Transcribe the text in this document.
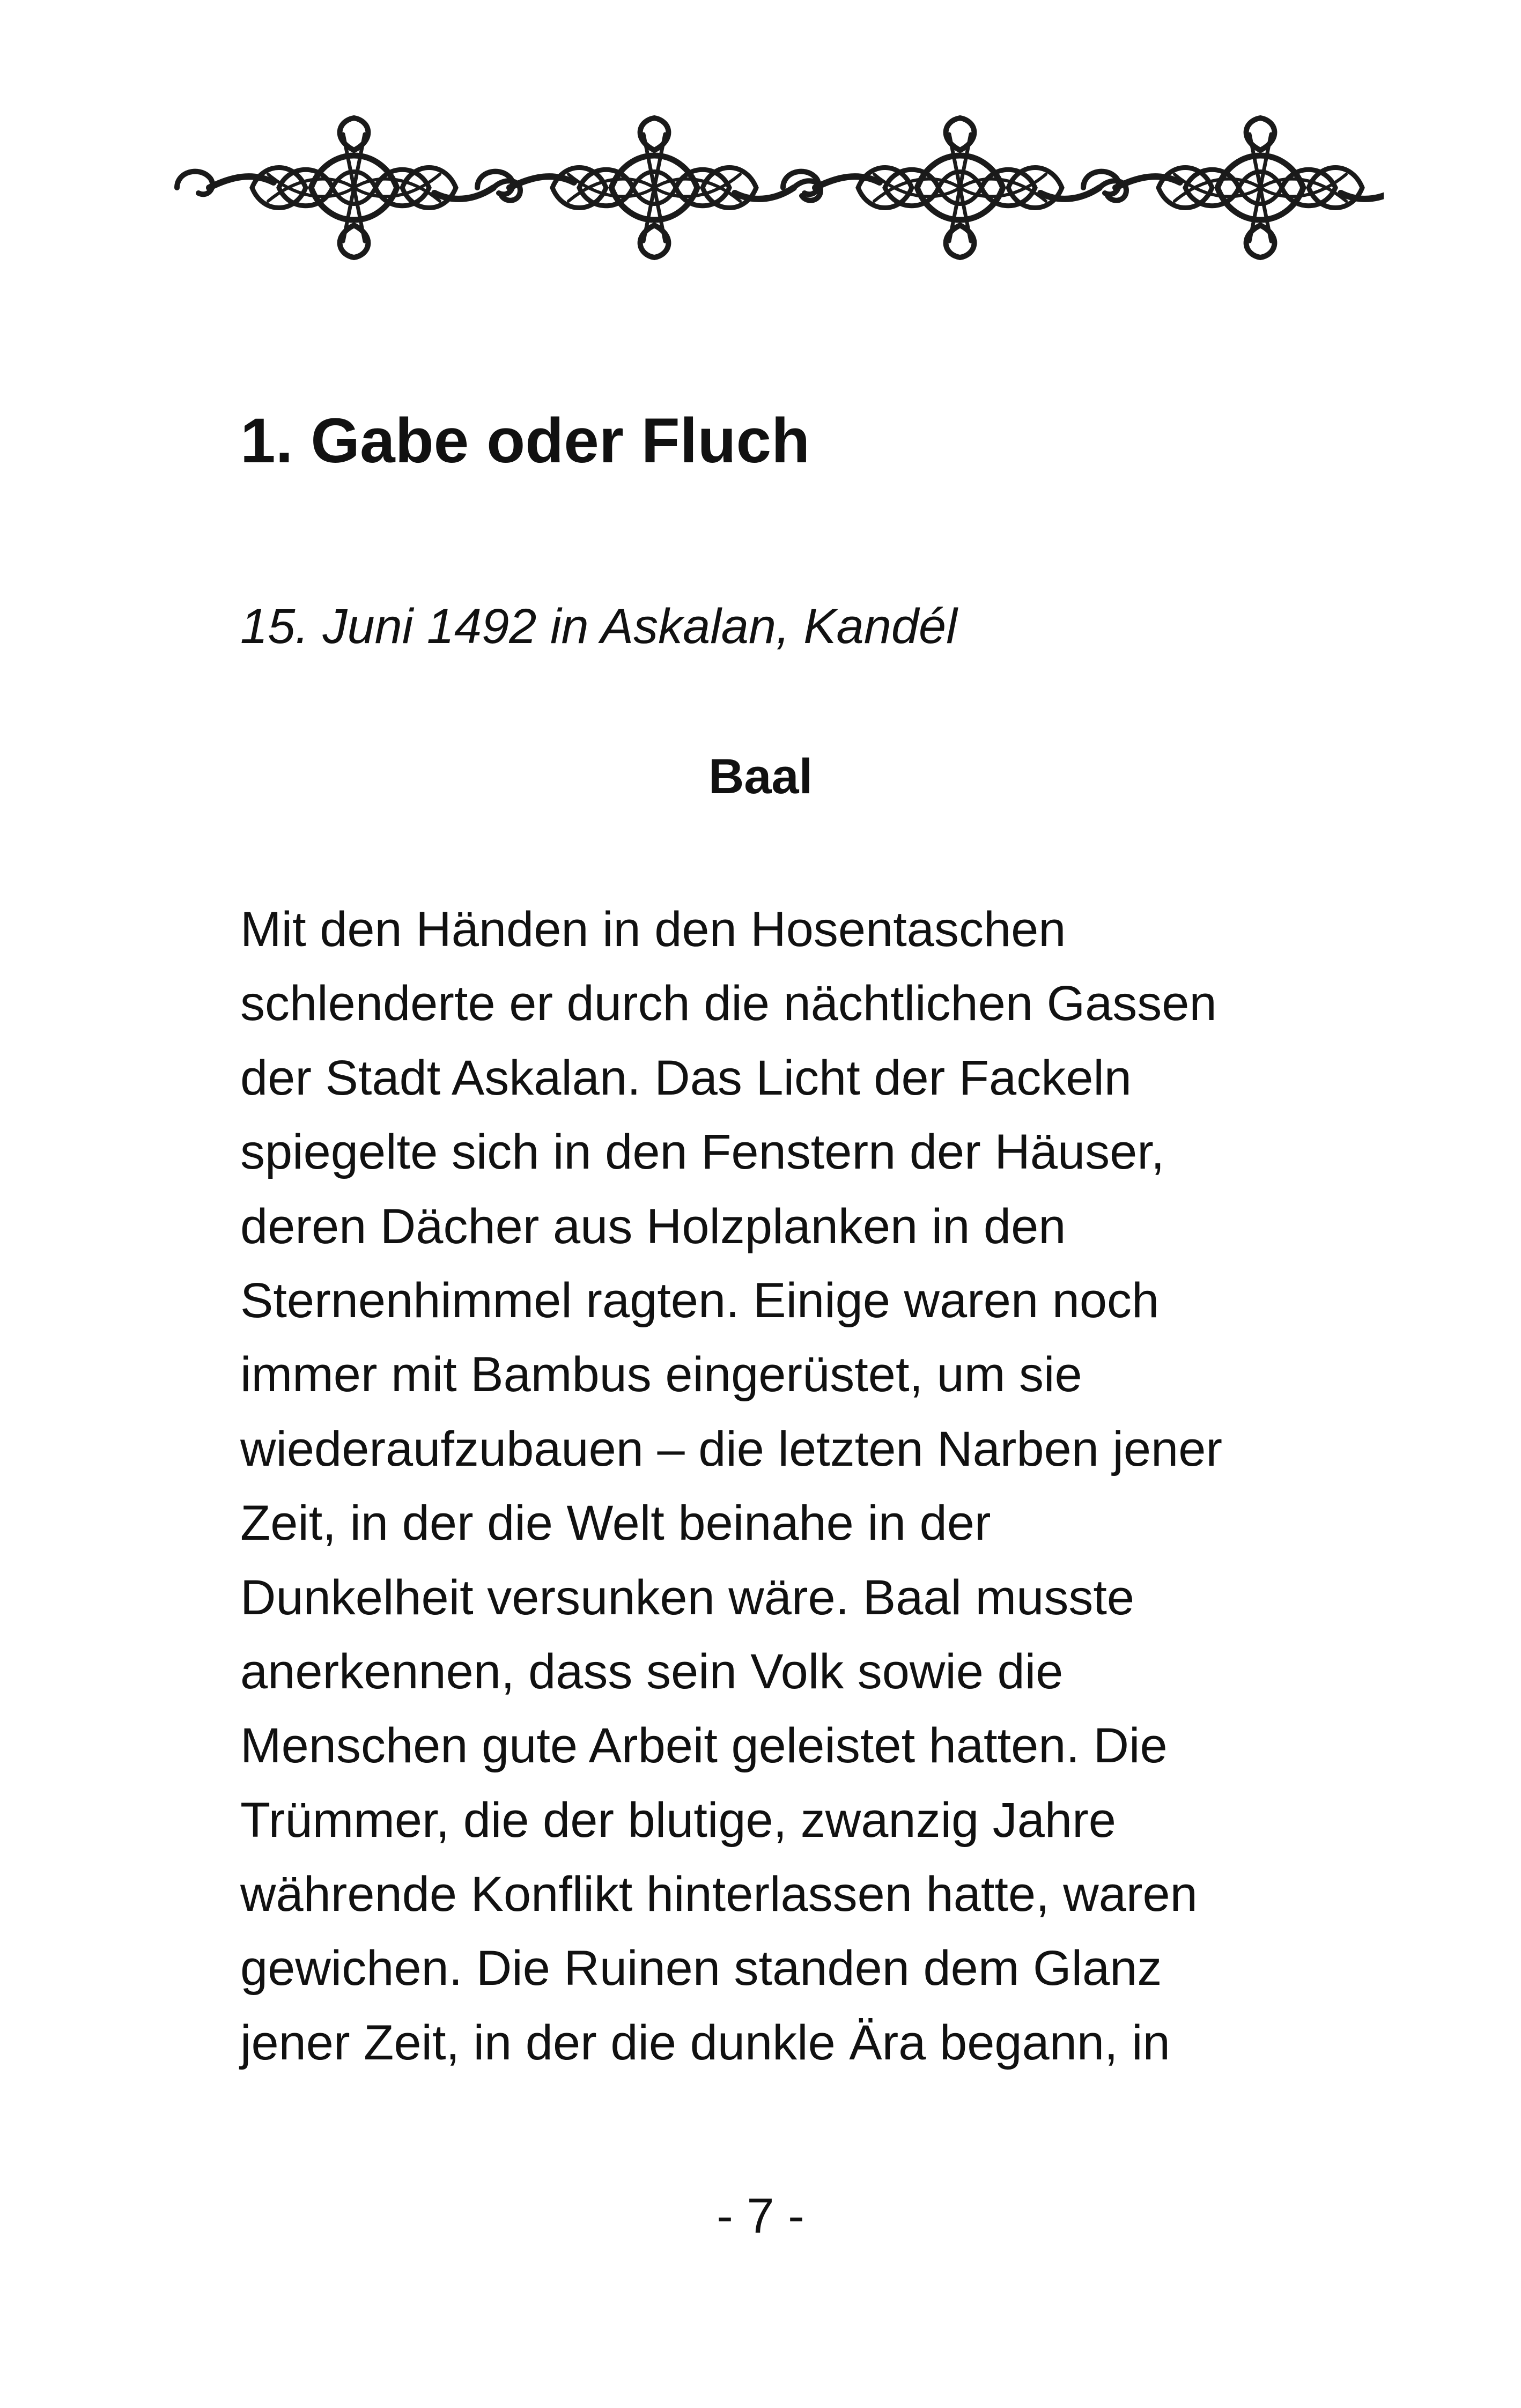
1. Gabe oder Fluch
15. Juni 1492 in Askalan, Kandél
Baal
Mit den Händen in den Hosentaschen
schlenderte er durch die nächtlichen Gassen
der Stadt Askalan. Das Licht der Fackeln
spiegelte sich in den Fenstern der Häuser,
deren Dächer aus Holzplanken in den
Sternenhimmel ragten. Einige waren noch
immer mit Bambus eingerüstet, um sie
wiederaufzubauen – die letzten Narben jener
Zeit, in der die Welt beinahe in der
Dunkelheit versunken wäre. Baal musste
anerkennen, dass sein Volk sowie die
Menschen gute Arbeit geleistet hatten. Die
Trümmer, die der blutige, zwanzig Jahre
währende Konflikt hinterlassen hatte, waren
gewichen. Die Ruinen standen dem Glanz
jener Zeit, in der die dunkle Ära begann, in
- 7 -
